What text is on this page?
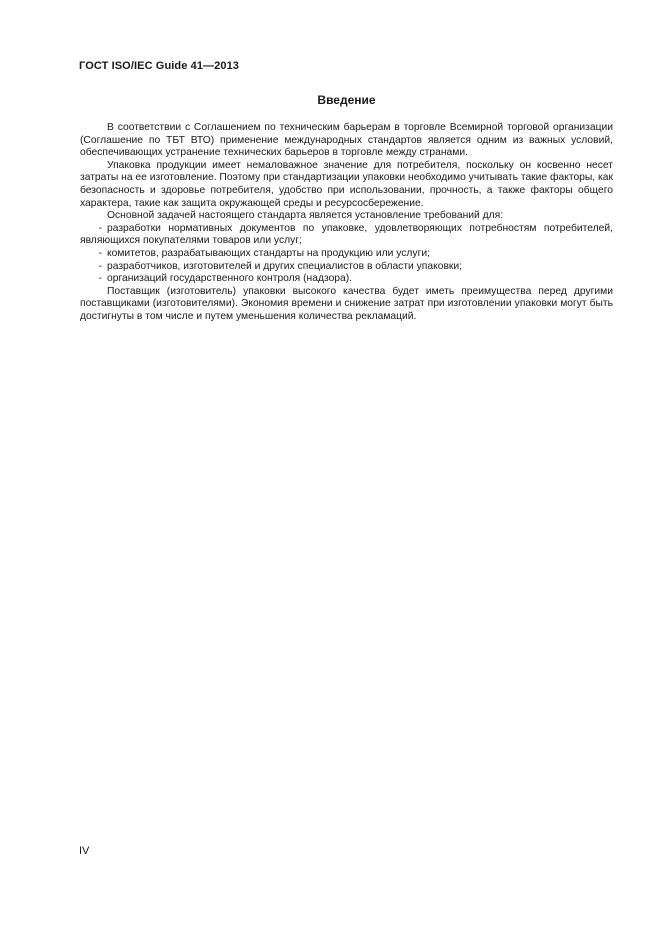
ГОСТ ISO/IEC Guide 41—2013
Введение

В соответствии с Соглашением по техническим барьерам в торговле Всемирной торговой организации (Соглашение по ТБТ ВТО) применение международных стандартов является одним из важных условий, обеспечивающих устранение технических барьеров в торговле между странами.

Упаковка продукции имеет немаловажное значение для потребителя, поскольку он косвенно несет затраты на ее изготовление. Поэтому при стандартизации упаковки необходимо учитывать такие факторы, как безопасность и здоровье потребителя, удобство при использовании, прочность, а также факторы общего характера, такие как защита окружающей среды и ресурсосбережение.

Основной задачей настоящего стандарта является установление требований для:

- разработки нормативных документов по упаковке, удовлетворяющих потребностям потребителей, являющихся покупателями товаров или услуг;

- комитетов, разрабатывающих стандарты на продукцию или услуги;

- разработчиков, изготовителей и других специалистов в области упаковки;

- организаций государственного контроля (надзора).

Поставщик (изготовитель) упаковки высокого качества будет иметь преимущества перед другими поставщиками (изготовителями). Экономия времени и снижение затрат при изготовлении упаковки могут быть достигнуты в том числе и путем уменьшения количества рекламаций.

IV
